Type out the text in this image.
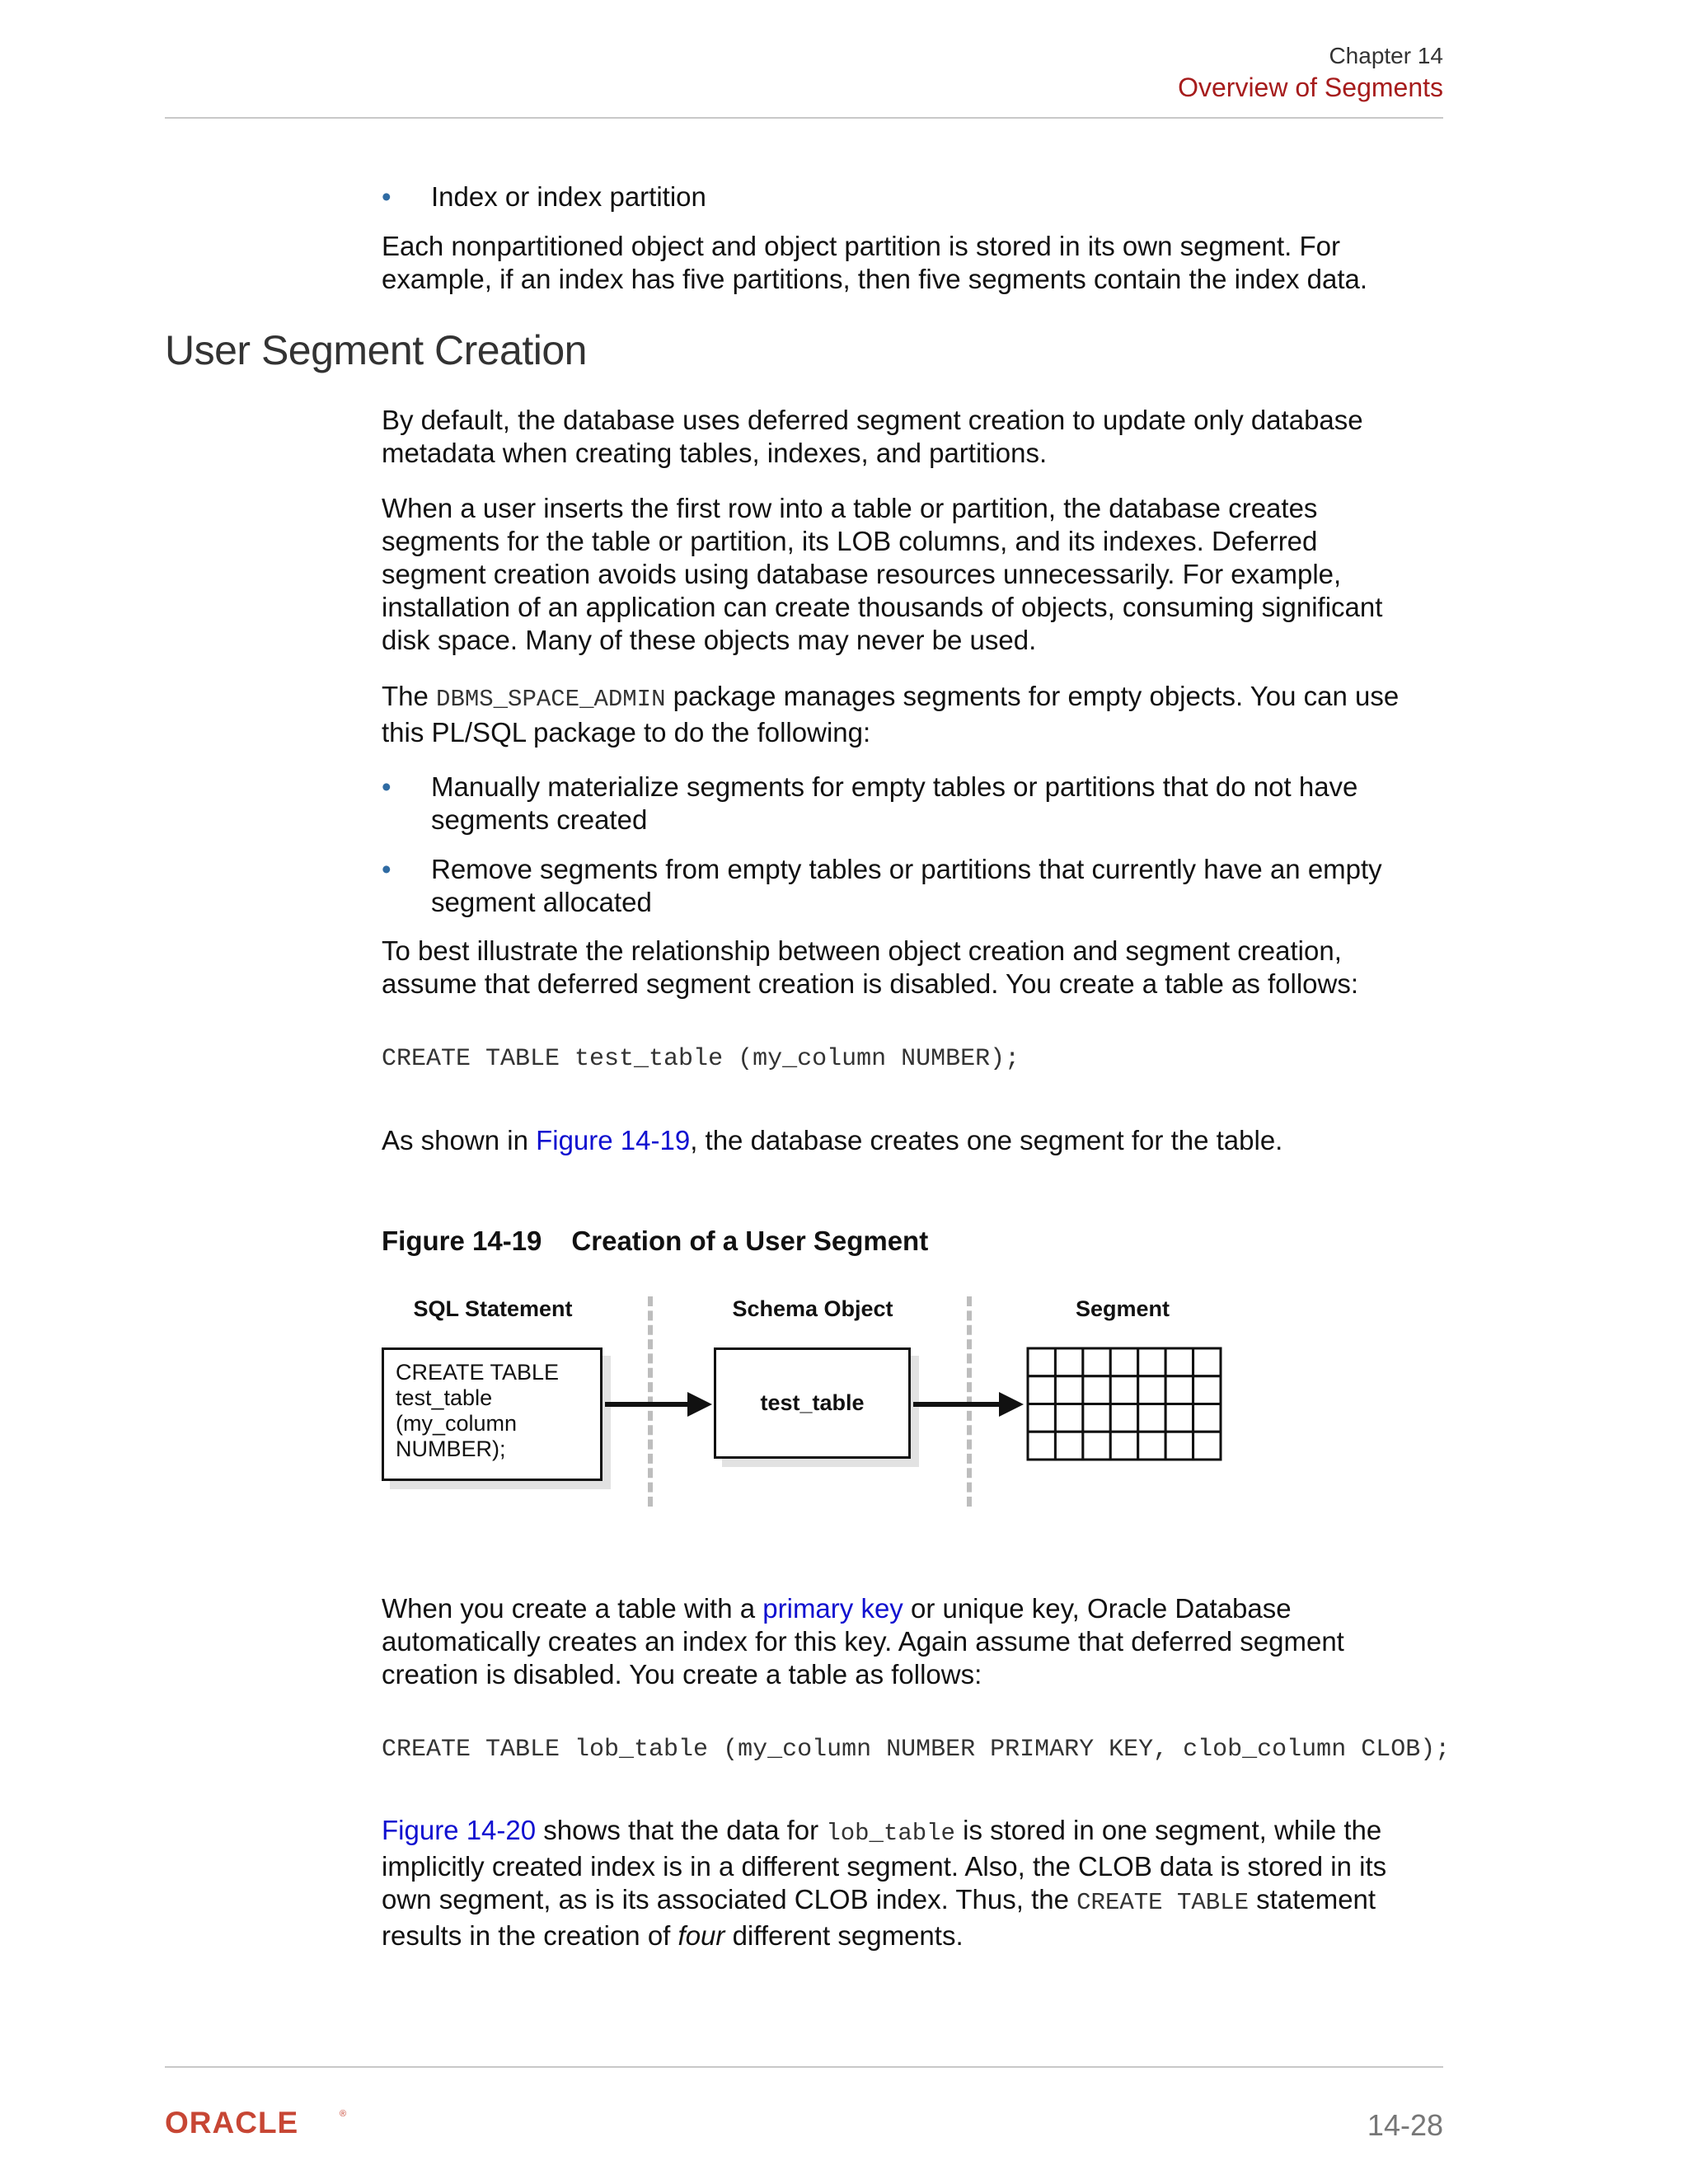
Chapter 14
Overview of Segments
• Index or index partition
Each nonpartitioned object and object partition is stored in its own segment. For
example, if an index has five partitions, then five segments contain the index data.
User Segment Creation
By default, the database uses deferred segment creation to update only database
metadata when creating tables, indexes, and partitions.
When a user inserts the first row into a table or partition, the database creates
segments for the table or partition, its LOB columns, and its indexes. Deferred
segment creation avoids using database resources unnecessarily. For example,
installation of an application can create thousands of objects, consuming significant
disk space. Many of these objects may never be used.
The DBMS_SPACE_ADMIN package manages segments for empty objects. You can use
this PL/SQL package to do the following:
• Manually materialize segments for empty tables or partitions that do not have
segments created
• Remove segments from empty tables or partitions that currently have an empty
segment allocated
To best illustrate the relationship between object creation and segment creation,
assume that deferred segment creation is disabled. You create a table as follows:
CREATE TABLE test_table (my_column NUMBER);
As shown in Figure 14-19, the database creates one segment for the table.
Figure 14-19 Creation of a User Segment
SQL Statement	Schema Object	Segment
CREATE TABLE
test_table
(my_column
NUMBER);
test_table
When you create a table with a primary key or unique key, Oracle Database
automatically creates an index for this key. Again assume that deferred segment
creation is disabled. You create a table as follows:
CREATE TABLE lob_table (my_column NUMBER PRIMARY KEY, clob_column CLOB);
Figure 14-20 shows that the data for lob_table is stored in one segment, while the
implicitly created index is in a different segment. Also, the CLOB data is stored in its
own segment, as is its associated CLOB index. Thus, the CREATE TABLE statement
results in the creation of four different segments.
ORACLE	®	14-28
